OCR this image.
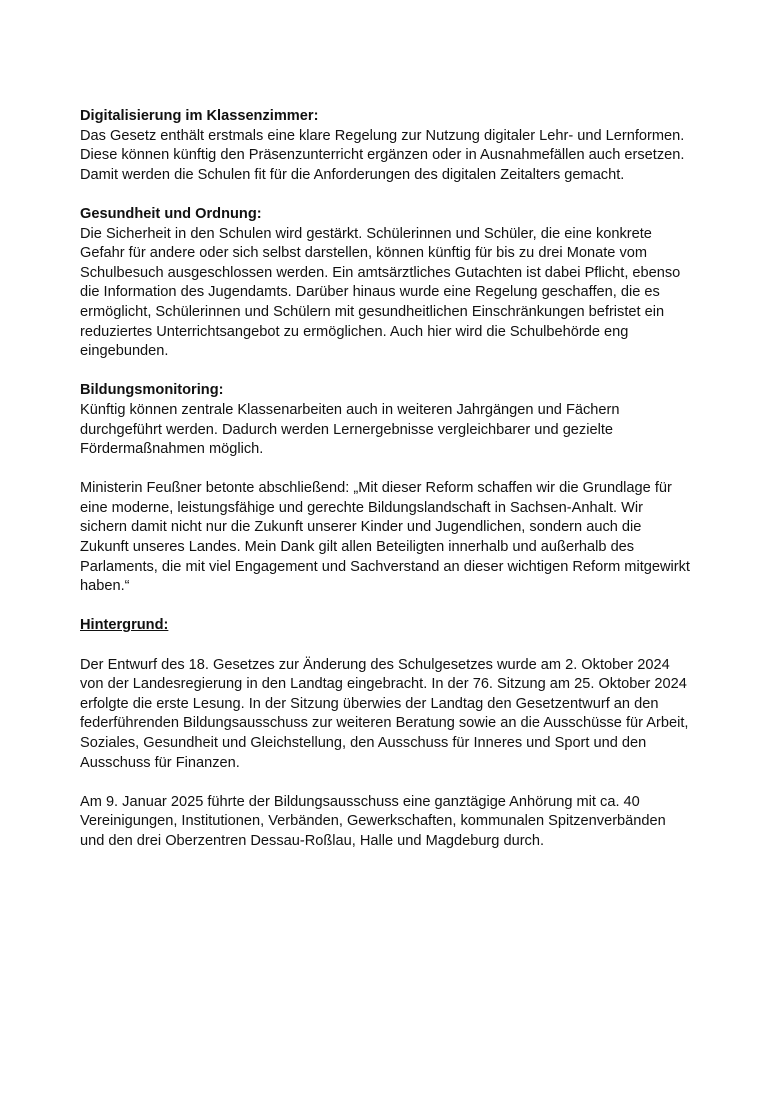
Digitalisierung im Klassenzimmer:

Das Gesetz enthält erstmals eine klare Regelung zur Nutzung digitaler Lehr- und Lernformen.
Diese können künftig den Präsenzunterricht ergänzen oder in Ausnahmefällen auch ersetzen.
Damit werden die Schulen fit für die Anforderungen des digitalen Zeitalters gemacht.

Gesundheit und Ordnung:

Die Sicherheit in den Schulen wird gestärkt. Schülerinnen und Schüler, die eine konkrete
Gefahr für andere oder sich selbst darstellen, können künftig für bis zu drei Monate vom
Schulbesuch ausgeschlossen werden. Ein amtsärztliches Gutachten ist dabei Pflicht, ebenso
die Information des Jugendamts. Darüber hinaus wurde eine Regelung geschaffen, die es
ermöglicht, Schülerinnen und Schülern mit gesundheitlichen Einschränkungen befristet ein
reduziertes Unterrichtsangebot zu ermöglichen. Auch hier wird die Schulbehörde eng
eingebunden.

Bildungsmonitoring:

Künftig können zentrale Klassenarbeiten auch in weiteren Jahrgängen und Fächern
durchgeführt werden. Dadurch werden Lernergebnisse vergleichbarer und gezielte
Fördermaßnahmen möglich.

Ministerin Feußner betonte abschließend: „Mit dieser Reform schaffen wir die Grundlage für
eine moderne, leistungsfähige und gerechte Bildungslandschaft in Sachsen-Anhalt. Wir
sichern damit nicht nur die Zukunft unserer Kinder und Jugendlichen, sondern auch die
Zukunft unseres Landes. Mein Dank gilt allen Beteiligten innerhalb und außerhalb des
Parlaments, die mit viel Engagement und Sachverstand an dieser wichtigen Reform mitgewirkt
haben.“

Hintergrund:

Der Entwurf des 18. Gesetzes zur Änderung des Schulgesetzes wurde am 2. Oktober 2024
von der Landesregierung in den Landtag eingebracht. In der 76. Sitzung am 25. Oktober 2024
erfolgte die erste Lesung. In der Sitzung überwies der Landtag den Gesetzentwurf an den
federführenden Bildungsausschuss zur weiteren Beratung sowie an die Ausschüsse für Arbeit,
Soziales, Gesundheit und Gleichstellung, den Ausschuss für Inneres und Sport und den
Ausschuss für Finanzen.

Am 9. Januar 2025 führte der Bildungsausschuss eine ganztägige Anhörung mit ca. 40
Vereinigungen, Institutionen, Verbänden, Gewerkschaften, kommunalen Spitzenverbänden
und den drei Oberzentren Dessau-Roßlau, Halle und Magdeburg durch.
